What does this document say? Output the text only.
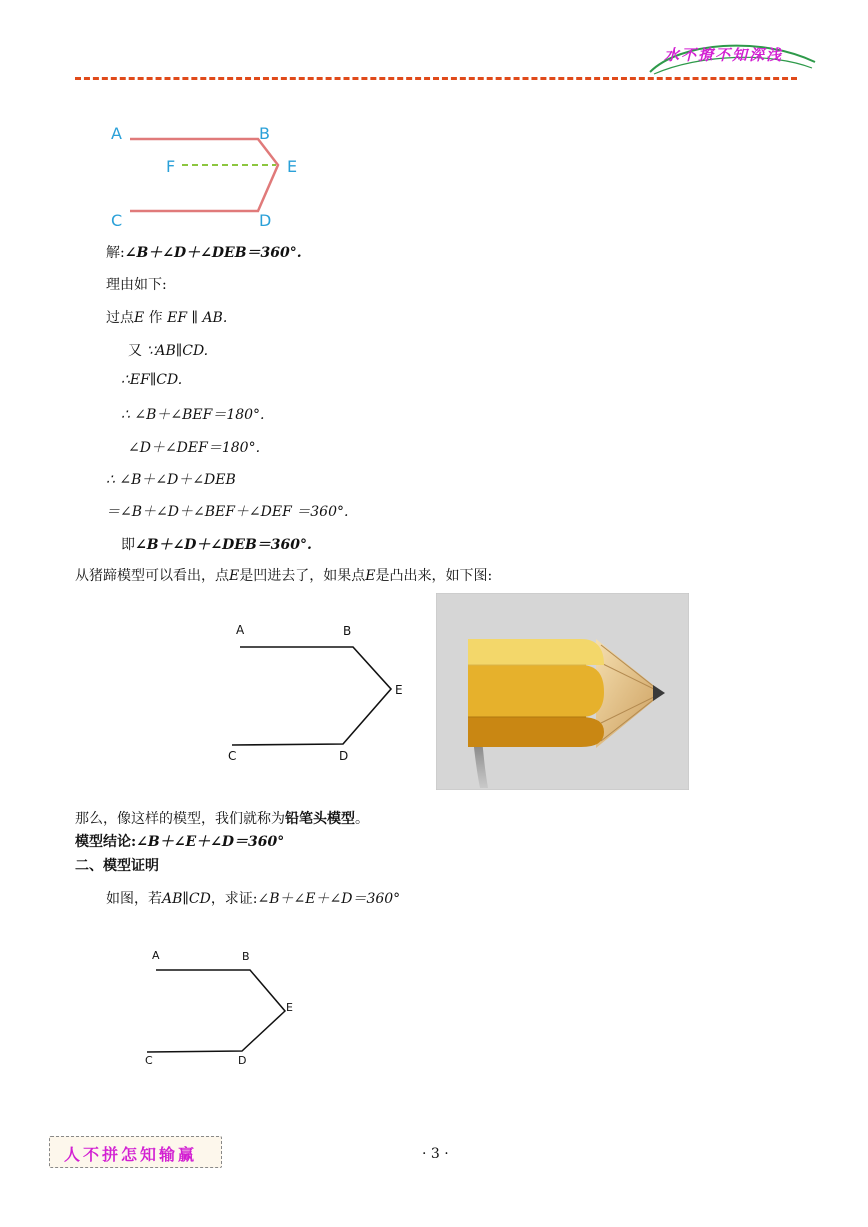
水不撩不知深浅
A	B
F	E
C	D
解:∠B＋∠D＋∠DEB＝360°.
理由如下:
过点E 作 EF ∥ AB.
又 ∵AB∥CD.
∴EF∥CD.
∴ ∠B＋∠BEF＝180°.
∠D＋∠DEF＝180°.
∴ ∠B＋∠D＋∠DEB
＝∠B＋∠D＋∠BEF＋∠DEF ＝360°.
即∠B＋∠D＋∠DEB＝360°.
从猪蹄模型可以看出，点E是凹进去了，如果点E是凸出来，如下图:
A	B
E
C	D
那么，像这样的模型，我们就称为铅笔头模型。
模型结论:∠B＋∠E＋∠D＝360°
二、模型证明
如图，若AB∥CD，求证:∠B＋∠E＋∠D＝360°
A	B
E
C	D
人不拼怎知输赢	· 3 ·
